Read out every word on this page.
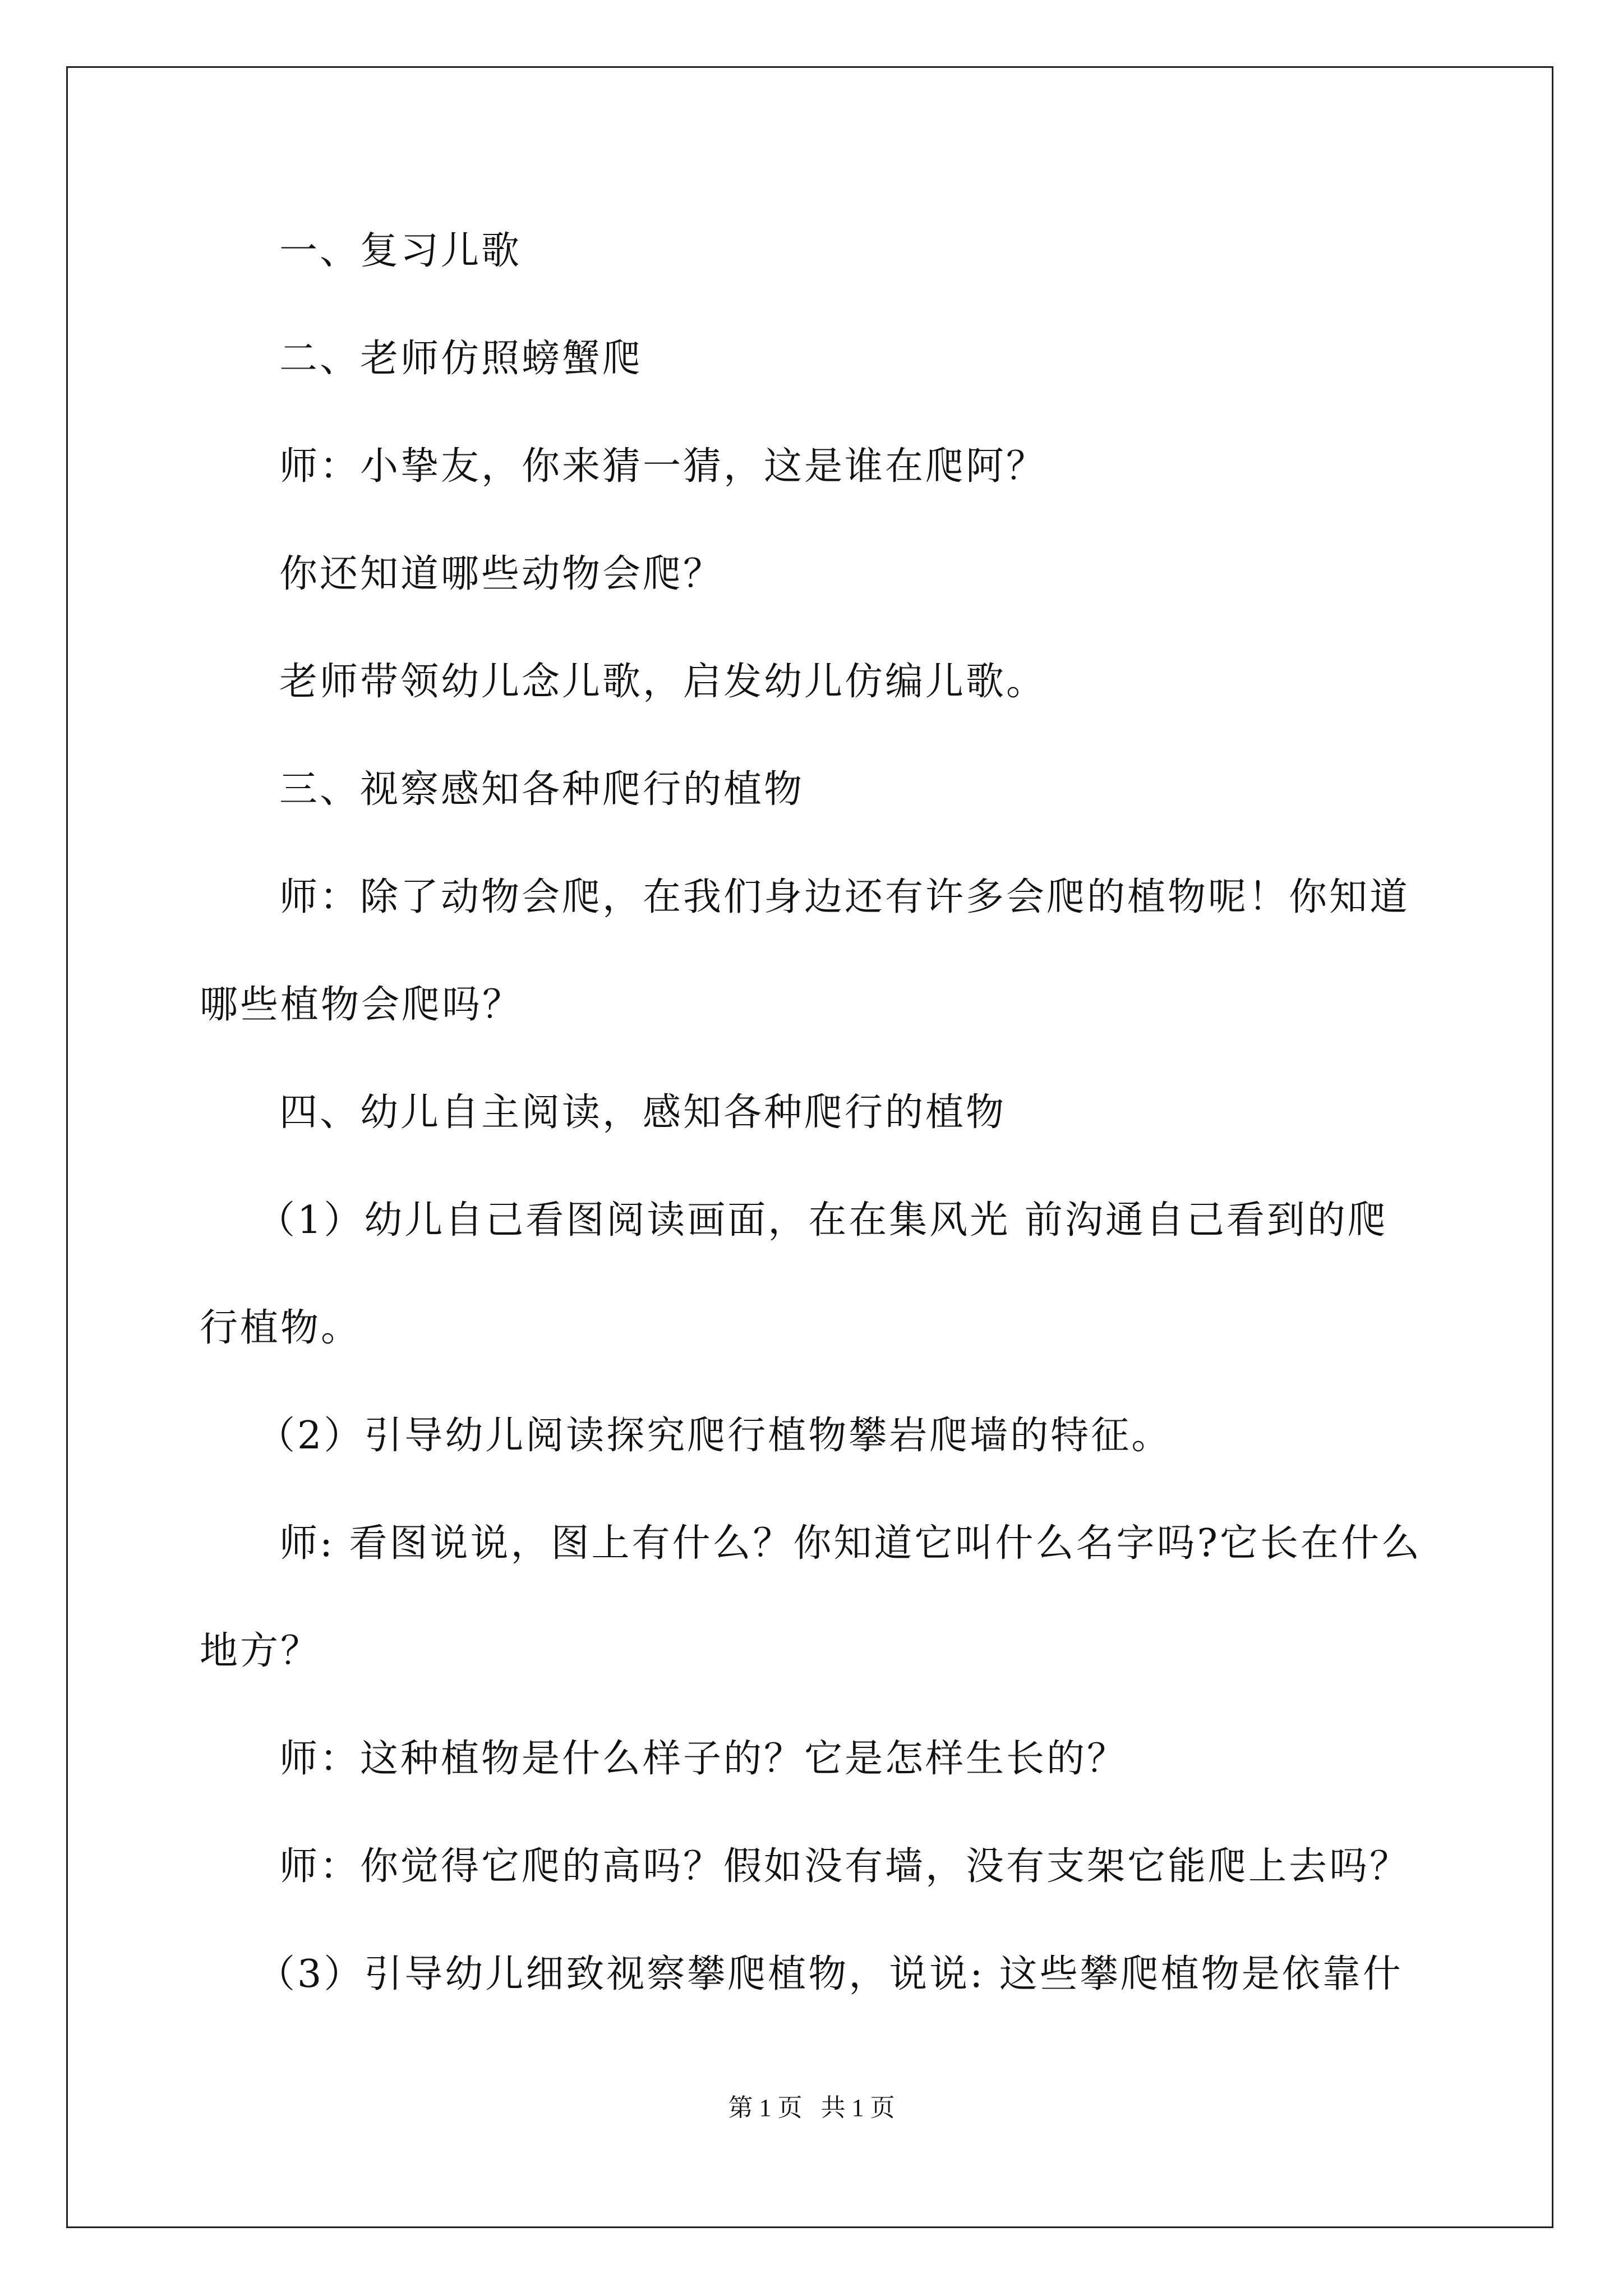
一、复习儿歌
二、老师仿照螃蟹爬
师：小挚友，你来猜一猜，这是谁在爬阿？
你还知道哪些动物会爬？
老师带领幼儿念儿歌，启发幼儿仿编儿歌。
三、视察感知各种爬行的植物
师：除了动物会爬，在我们身边还有许多会爬的植物呢！你知道
哪些植物会爬吗？
四、幼儿自主阅读，感知各种爬行的植物
（1）幼儿自己看图阅读画面，在在集风光 前沟通自己看到的爬
行植物。
（2）引导幼儿阅读探究爬行植物攀岩爬墙的特征。
师: 看图说说，图上有什么？你知道它叫什么名字吗?它长在什么
地方？
师：这种植物是什么样子的？它是怎样生长的？
师：你觉得它爬的高吗？假如没有墙，没有支架它能爬上去吗？
（3）引导幼儿细致视察攀爬植物，说说: 这些攀爬植物是依靠什
第 1 页   共 1 页
